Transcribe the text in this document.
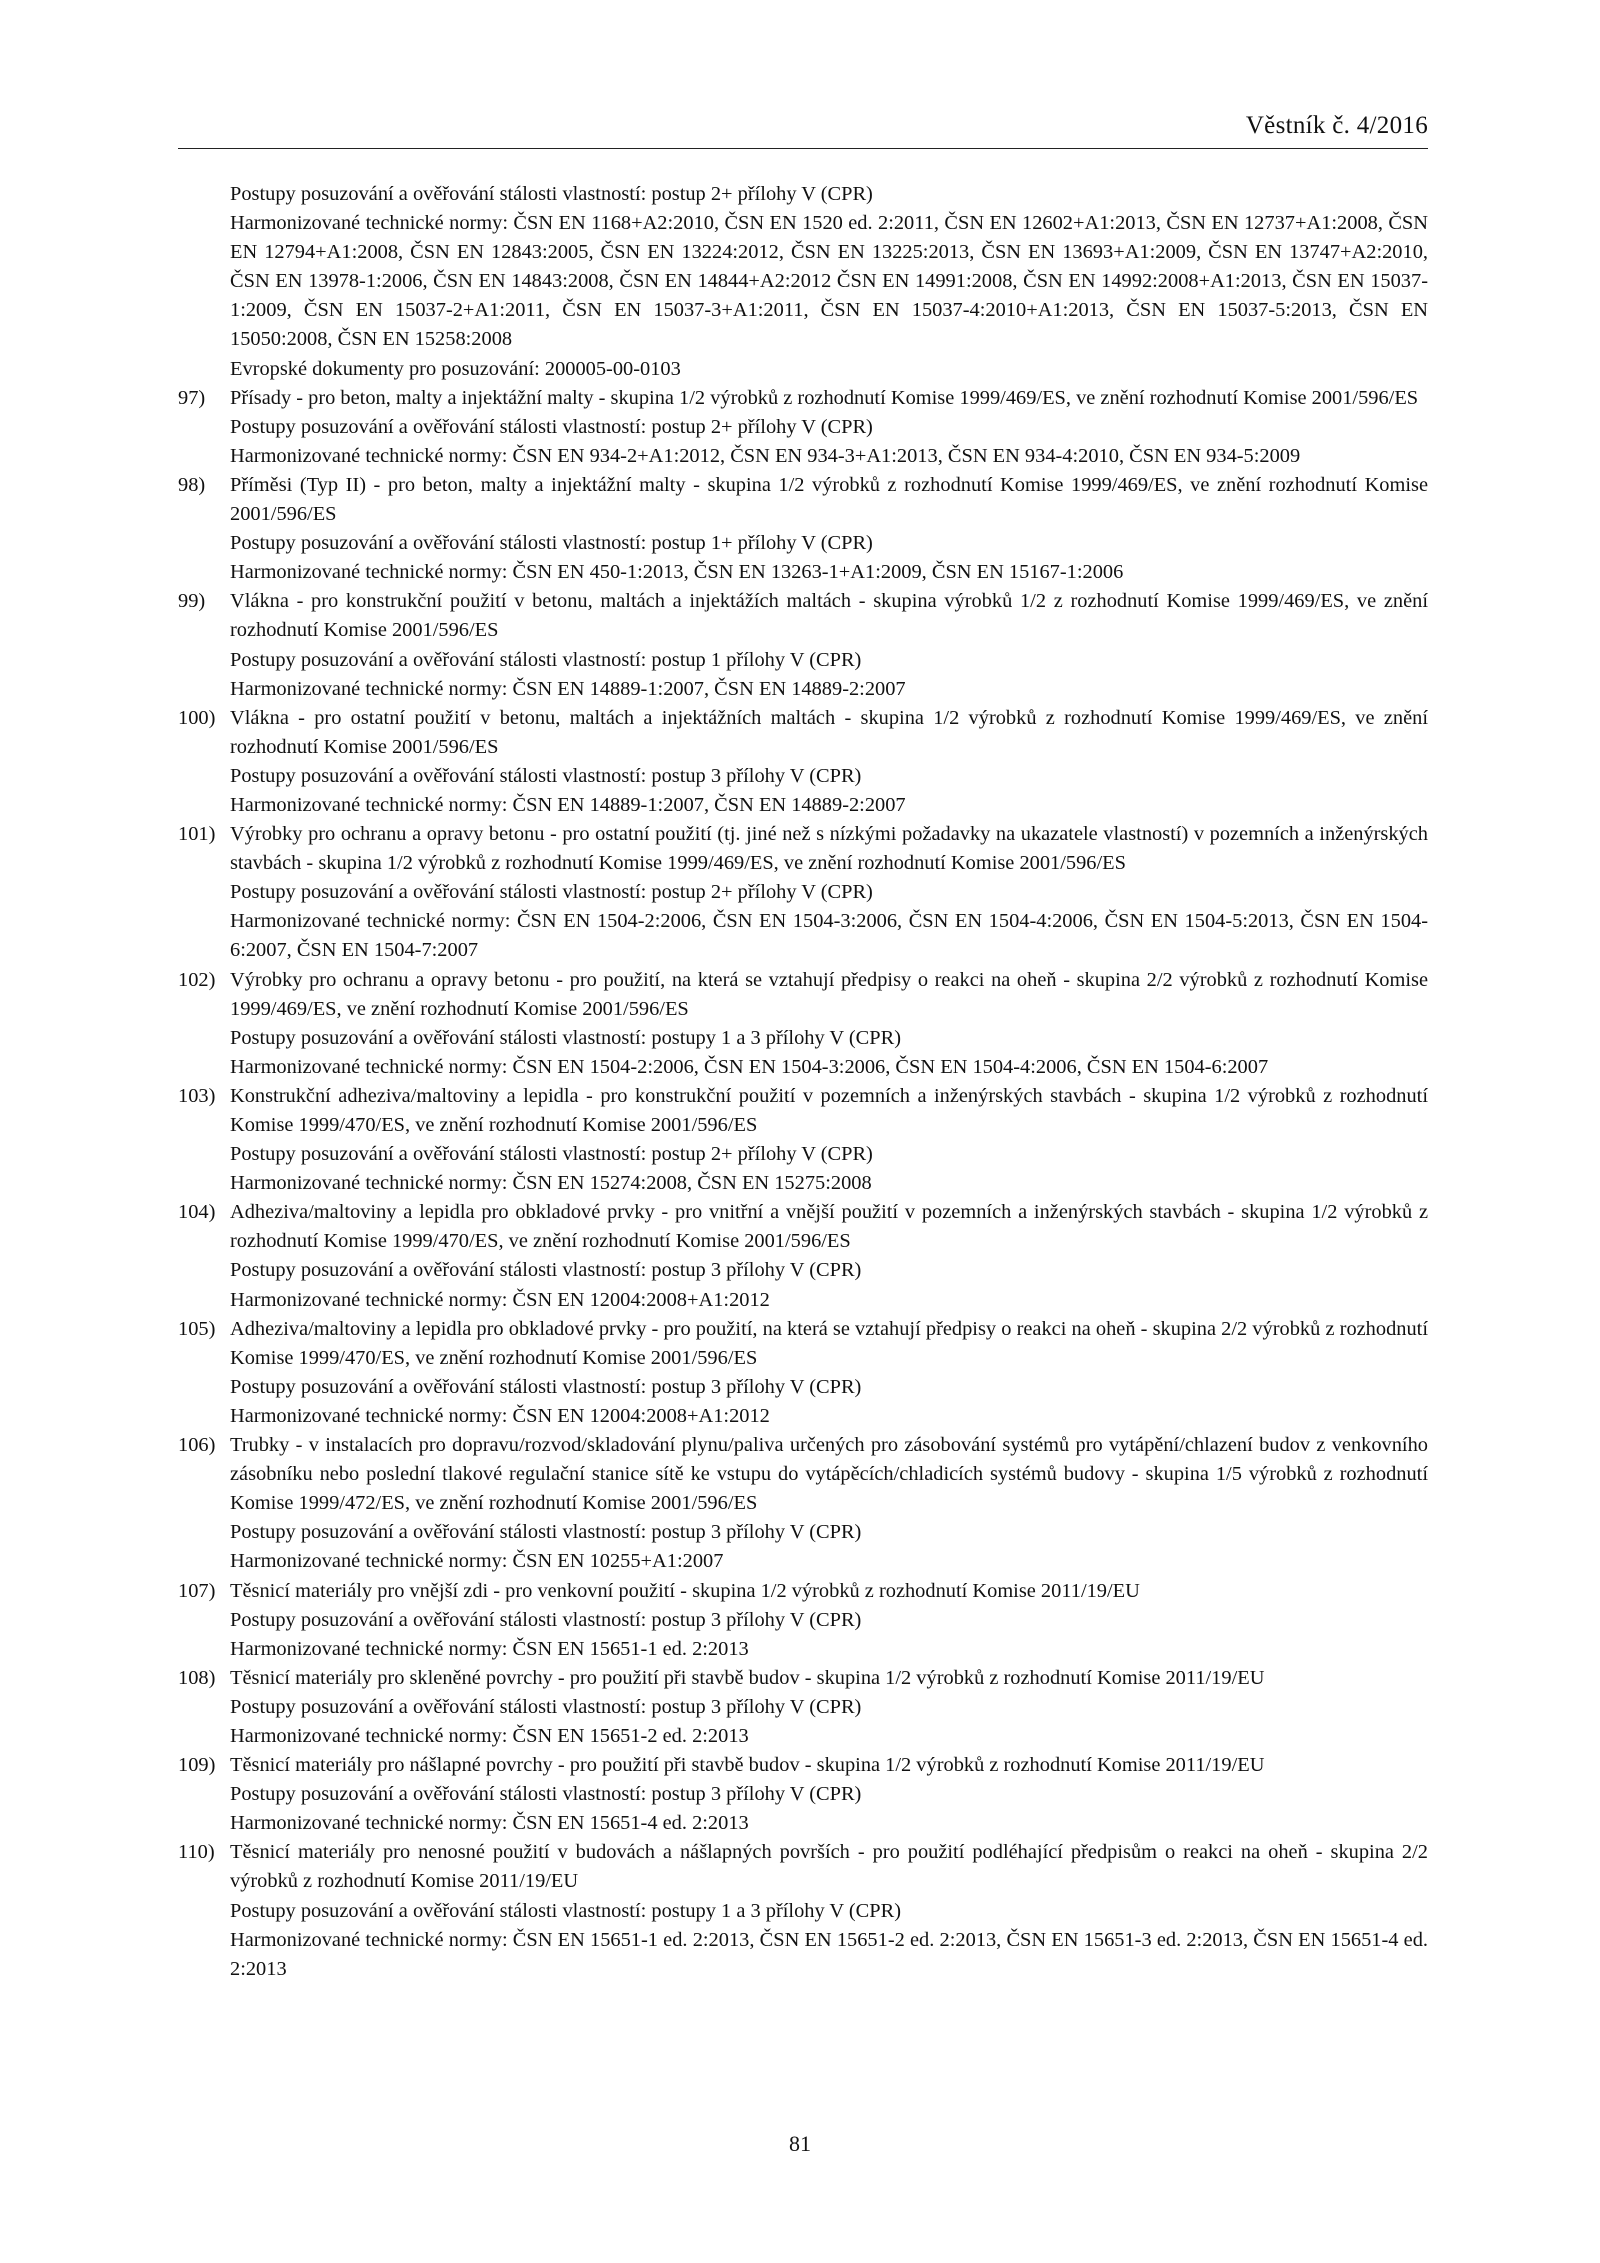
Věstník č. 4/2016
Postupy posuzování a ověřování stálosti vlastností: postup 2+ přílohy V (CPR)
Harmonizované technické normy: ČSN EN 1168+A2:2010, ČSN EN 1520 ed. 2:2011, ČSN EN 12602+A1:2013, ČSN EN 12737+A1:2008, ČSN EN 12794+A1:2008, ČSN EN 12843:2005, ČSN EN 13224:2012, ČSN EN 13225:2013, ČSN EN 13693+A1:2009, ČSN EN 13747+A2:2010, ČSN EN 13978-1:2006, ČSN EN 14843:2008, ČSN EN 14844+A2:2012 ČSN EN 14991:2008, ČSN EN 14992:2008+A1:2013, ČSN EN 15037-1:2009, ČSN EN 15037-2+A1:2011, ČSN EN 15037-3+A1:2011, ČSN EN 15037-4:2010+A1:2013, ČSN EN 15037-5:2013, ČSN EN 15050:2008, ČSN EN 15258:2008
Evropské dokumenty pro posuzování: 200005-00-0103
97) Přísady - pro beton, malty a injektážní malty - skupina 1/2 výrobků z rozhodnutí Komise 1999/469/ES, ve znění rozhodnutí Komise 2001/596/ES
Postupy posuzování a ověřování stálosti vlastností: postup 2+ přílohy V (CPR)
Harmonizované technické normy: ČSN EN 934-2+A1:2012, ČSN EN 934-3+A1:2013, ČSN EN 934-4:2010, ČSN EN 934-5:2009
98) Příměsi (Typ II) - pro beton, malty a injektážní malty - skupina 1/2 výrobků z rozhodnutí Komise 1999/469/ES, ve znění rozhodnutí Komise 2001/596/ES
Postupy posuzování a ověřování stálosti vlastností: postup 1+ přílohy V (CPR)
Harmonizované technické normy: ČSN EN 450-1:2013, ČSN EN 13263-1+A1:2009, ČSN EN 15167-1:2006
99) Vlákna - pro konstrukční použití v betonu, maltách a injektážích maltách - skupina výrobků 1/2 z rozhodnutí Komise 1999/469/ES, ve znění rozhodnutí Komise 2001/596/ES
Postupy posuzování a ověřování stálosti vlastností: postup 1 přílohy V (CPR)
Harmonizované technické normy: ČSN EN 14889-1:2007, ČSN EN 14889-2:2007
100) Vlákna - pro ostatní použití v betonu, maltách a injektážních maltách - skupina 1/2 výrobků z rozhodnutí Komise 1999/469/ES, ve znění rozhodnutí Komise 2001/596/ES
Postupy posuzování a ověřování stálosti vlastností: postup 3 přílohy V (CPR)
Harmonizované technické normy: ČSN EN 14889-1:2007, ČSN EN 14889-2:2007
101) Výrobky pro ochranu a opravy betonu - pro ostatní použití (tj. jiné než s nízkými požadavky na ukazatele vlastností) v pozemních a inženýrských stavbách - skupina 1/2 výrobků z rozhodnutí Komise 1999/469/ES, ve znění rozhodnutí Komise 2001/596/ES
Postupy posuzování a ověřování stálosti vlastností: postup 2+ přílohy V (CPR)
Harmonizované technické normy: ČSN EN 1504-2:2006, ČSN EN 1504-3:2006, ČSN EN 1504-4:2006, ČSN EN 1504-5:2013, ČSN EN 1504-6:2007, ČSN EN 1504-7:2007
102) Výrobky pro ochranu a opravy betonu - pro použití, na která se vztahují předpisy o reakci na oheň - skupina 2/2 výrobků z rozhodnutí Komise 1999/469/ES, ve znění rozhodnutí Komise 2001/596/ES
Postupy posuzování a ověřování stálosti vlastností: postupy 1 a 3 přílohy V (CPR)
Harmonizované technické normy: ČSN EN 1504-2:2006, ČSN EN 1504-3:2006, ČSN EN 1504-4:2006, ČSN EN 1504-6:2007
103) Konstrukční adheziva/maltoviny a lepidla - pro konstrukční použití v pozemních a inženýrských stavbách - skupina 1/2 výrobků z rozhodnutí Komise 1999/470/ES, ve znění rozhodnutí Komise 2001/596/ES
Postupy posuzování a ověřování stálosti vlastností: postup 2+ přílohy V (CPR)
Harmonizované technické normy: ČSN EN 15274:2008, ČSN EN 15275:2008
104) Adheziva/maltoviny a lepidla pro obkladové prvky - pro vnitřní a vnější použití v pozemních a inženýrských stavbách - skupina 1/2 výrobků z rozhodnutí Komise 1999/470/ES, ve znění rozhodnutí Komise 2001/596/ES
Postupy posuzování a ověřování stálosti vlastností: postup 3 přílohy V (CPR)
Harmonizované technické normy: ČSN EN 12004:2008+A1:2012
105) Adheziva/maltoviny a lepidla pro obkladové prvky - pro použití, na která se vztahují předpisy o reakci na oheň - skupina 2/2 výrobků z rozhodnutí Komise 1999/470/ES, ve znění rozhodnutí Komise 2001/596/ES
Postupy posuzování a ověřování stálosti vlastností: postup 3 přílohy V (CPR)
Harmonizované technické normy: ČSN EN 12004:2008+A1:2012
106) Trubky - v instalacích pro dopravu/rozvod/skladování plynu/paliva určených pro zásobování systémů pro vytápění/chlazení budov z venkovního zásobníku nebo poslední tlakové regulační stanice sítě ke vstupu do vytápěcích/chladicích systémů budovy - skupina 1/5 výrobků z rozhodnutí Komise 1999/472/ES, ve znění rozhodnutí Komise 2001/596/ES
Postupy posuzování a ověřování stálosti vlastností: postup 3 přílohy V (CPR)
Harmonizované technické normy: ČSN EN 10255+A1:2007
107) Těsnicí materiály pro vnější zdi - pro venkovní použití - skupina 1/2 výrobků z rozhodnutí Komise 2011/19/EU
Postupy posuzování a ověřování stálosti vlastností: postup 3 přílohy V (CPR)
Harmonizované technické normy: ČSN EN 15651-1 ed. 2:2013
108) Těsnicí materiály pro skleněné povrchy - pro použití při stavbě budov - skupina 1/2 výrobků z rozhodnutí Komise 2011/19/EU
Postupy posuzování a ověřování stálosti vlastností: postup 3 přílohy V (CPR)
Harmonizované technické normy: ČSN EN 15651-2 ed. 2:2013
109) Těsnicí materiály pro nášlapné povrchy - pro použití při stavbě budov - skupina 1/2 výrobků z rozhodnutí Komise 2011/19/EU
Postupy posuzování a ověřování stálosti vlastností: postup 3 přílohy V (CPR)
Harmonizované technické normy: ČSN EN 15651-4 ed. 2:2013
110) Těsnicí materiály pro nenosné použití v budovách a nášlapných površích - pro použití podléhající předpisům o reakci na oheň - skupina 2/2 výrobků z rozhodnutí Komise 2011/19/EU
Postupy posuzování a ověřování stálosti vlastností: postupy 1 a 3 přílohy V (CPR)
Harmonizované technické normy: ČSN EN 15651-1 ed. 2:2013, ČSN EN 15651-2 ed. 2:2013, ČSN EN 15651-3 ed. 2:2013, ČSN EN 15651-4 ed. 2:2013
81
